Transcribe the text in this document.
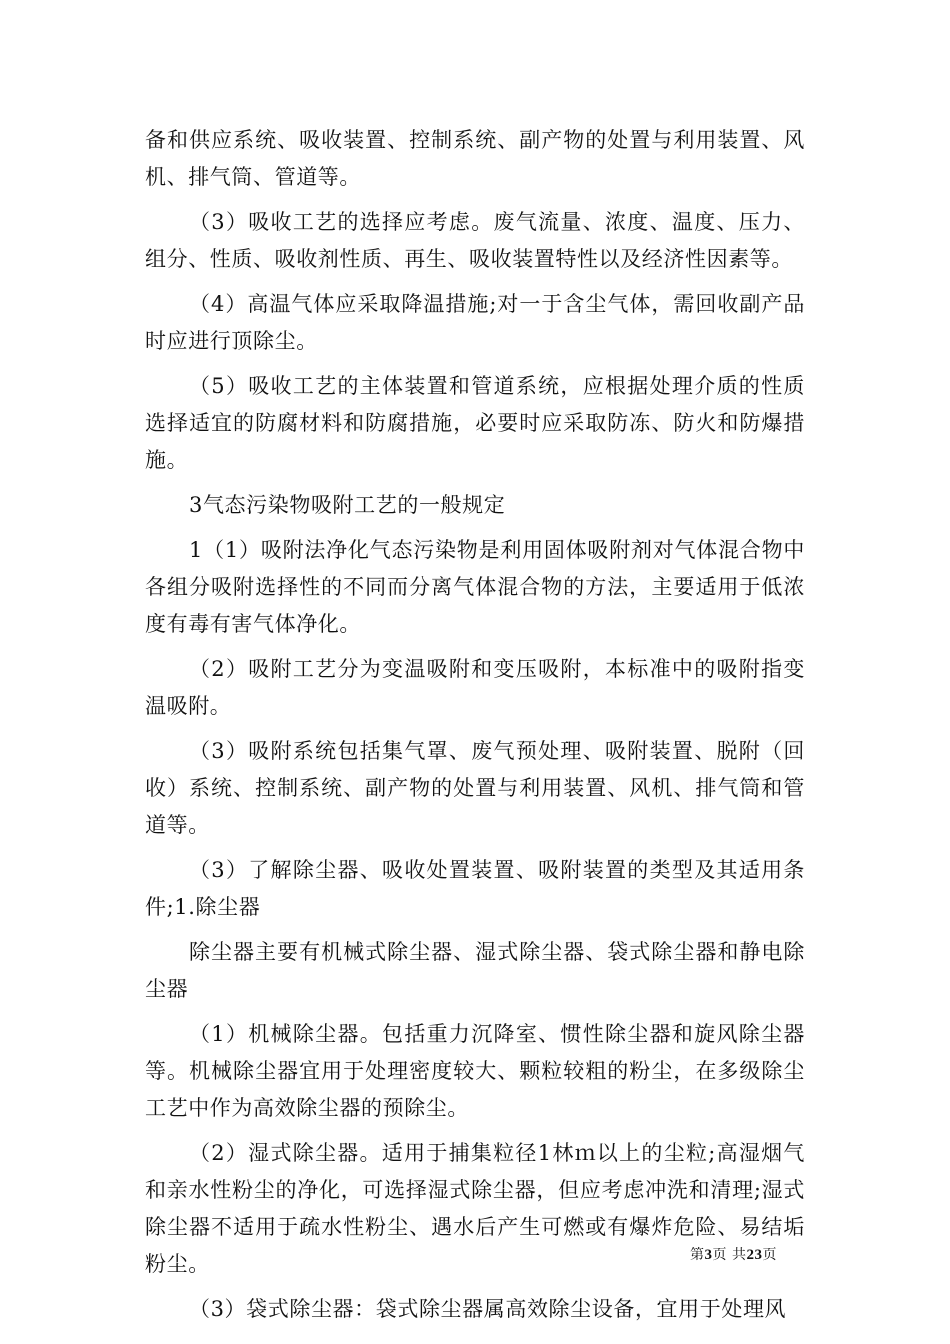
备和供应系统、吸收装置、控制系统、副产物的处置与利用装置、风机、排气筒、管道等。

（3）吸收工艺的选择应考虑。废气流量、浓度、温度、压力、组分、性质、吸收剂性质、再生、吸收装置特性以及经济性因素等。

（4）高温气体应采取降温措施;对一于含尘气体，需回收副产品时应进行顶除尘。

（5）吸收工艺的主体装置和管道系统，应根据处理介质的性质选择适宜的防腐材料和防腐措施，必要时应采取防冻、防火和防爆措施。

3气态污染物吸附工艺的一般规定

1（1）吸附法净化气态污染物是利用固体吸附剂对气体混合物中各组分吸附选择性的不同而分离气体混合物的方法，主要适用于低浓度有毒有害气体净化。

（2）吸附工艺分为变温吸附和变压吸附，本标准中的吸附指变温吸附。

（3）吸附系统包括集气罩、废气预处理、吸附装置、脱附（回收）系统、控制系统、副产物的处置与利用装置、风机、排气筒和管道等。

（3）了解除尘器、吸收处置装置、吸附装置的类型及其适用条件;1.除尘器

除尘器主要有机械式除尘器、湿式除尘器、袋式除尘器和静电除尘器

（1）机械除尘器。包括重力沉降室、惯性除尘器和旋风除尘器等。机械除尘器宜用于处理密度较大、颗粒较粗的粉尘，在多级除尘工艺中作为高效除尘器的预除尘。

（2）湿式除尘器。适用于捕集粒径1林ｍ以上的尘粒;高湿烟气和亲水性粉尘的净化，可选择湿式除尘器，但应考虑冲洗和清理;湿式除尘器不适用于疏水性粉尘、遇水后产生可燃或有爆炸危险、易结垢粉尘。

（3）袋式除尘器：袋式除尘器属高效除尘设备，宜用于处理风

第3页 共23页
